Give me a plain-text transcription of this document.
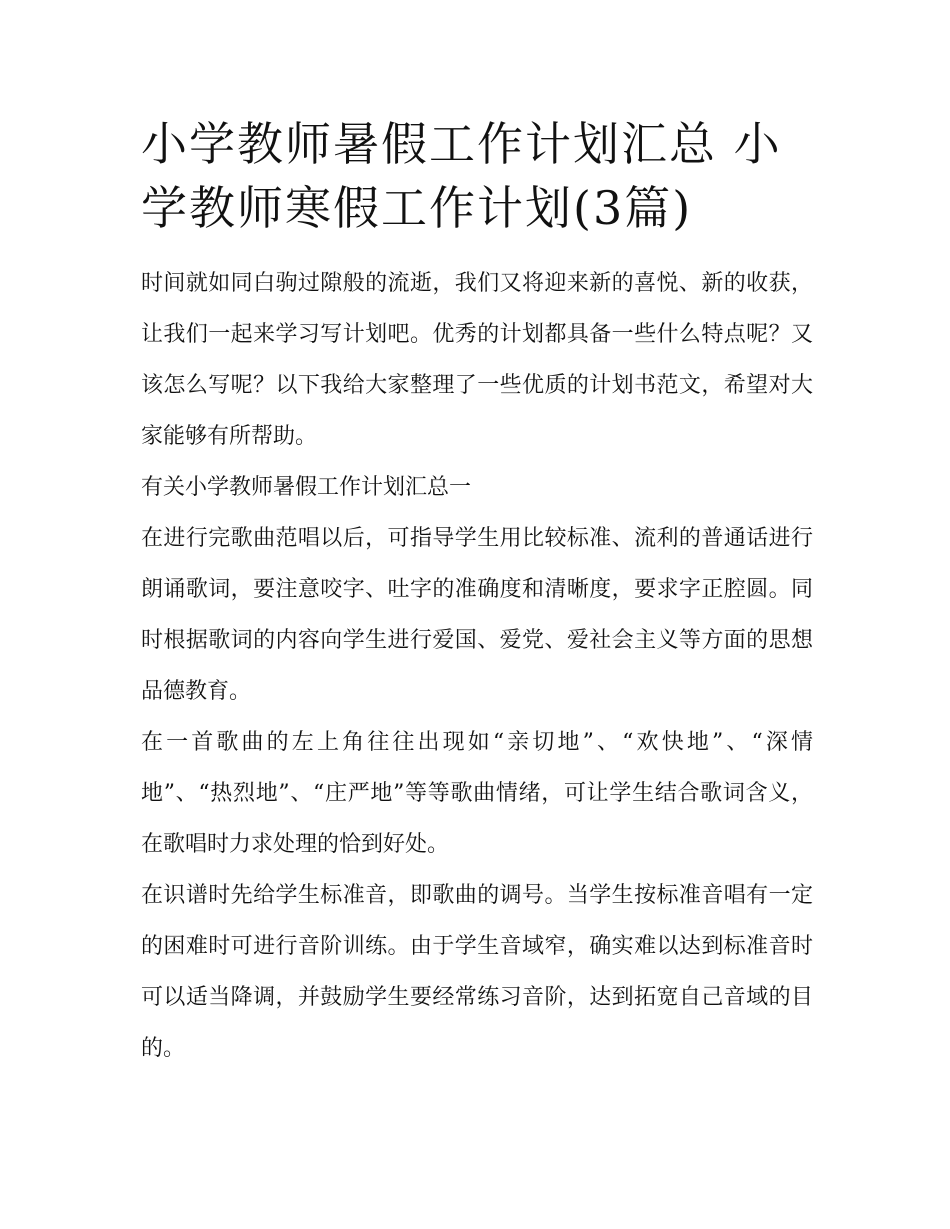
小学教师暑假工作计划汇总 小学教师寒假工作计划(3篇)

时间就如同白驹过隙般的流逝，我们又将迎来新的喜悦、新的收获，让我们一起来学习写计划吧。优秀的计划都具备一些什么特点呢？又该怎么写呢？以下我给大家整理了一些优质的计划书范文，希望对大家能够有所帮助。

有关小学教师暑假工作计划汇总一

在进行完歌曲范唱以后，可指导学生用比较标准、流利的普通话进行朗诵歌词，要注意咬字、吐字的准确度和清晰度，要求字正腔圆。同时根据歌词的内容向学生进行爱国、爱党、爱社会主义等方面的思想品德教育。

在一首歌曲的左上角往往出现如“亲切地”、“欢快地”、“深情地”、“热烈地”、“庄严地”等等歌曲情绪，可让学生结合歌词含义，在歌唱时力求处理的恰到好处。

在识谱时先给学生标准音，即歌曲的调号。当学生按标准音唱有一定的困难时可进行音阶训练。由于学生音域窄，确实难以达到标准音时可以适当降调，并鼓励学生要经常练习音阶，达到拓宽自己音域的目的。
